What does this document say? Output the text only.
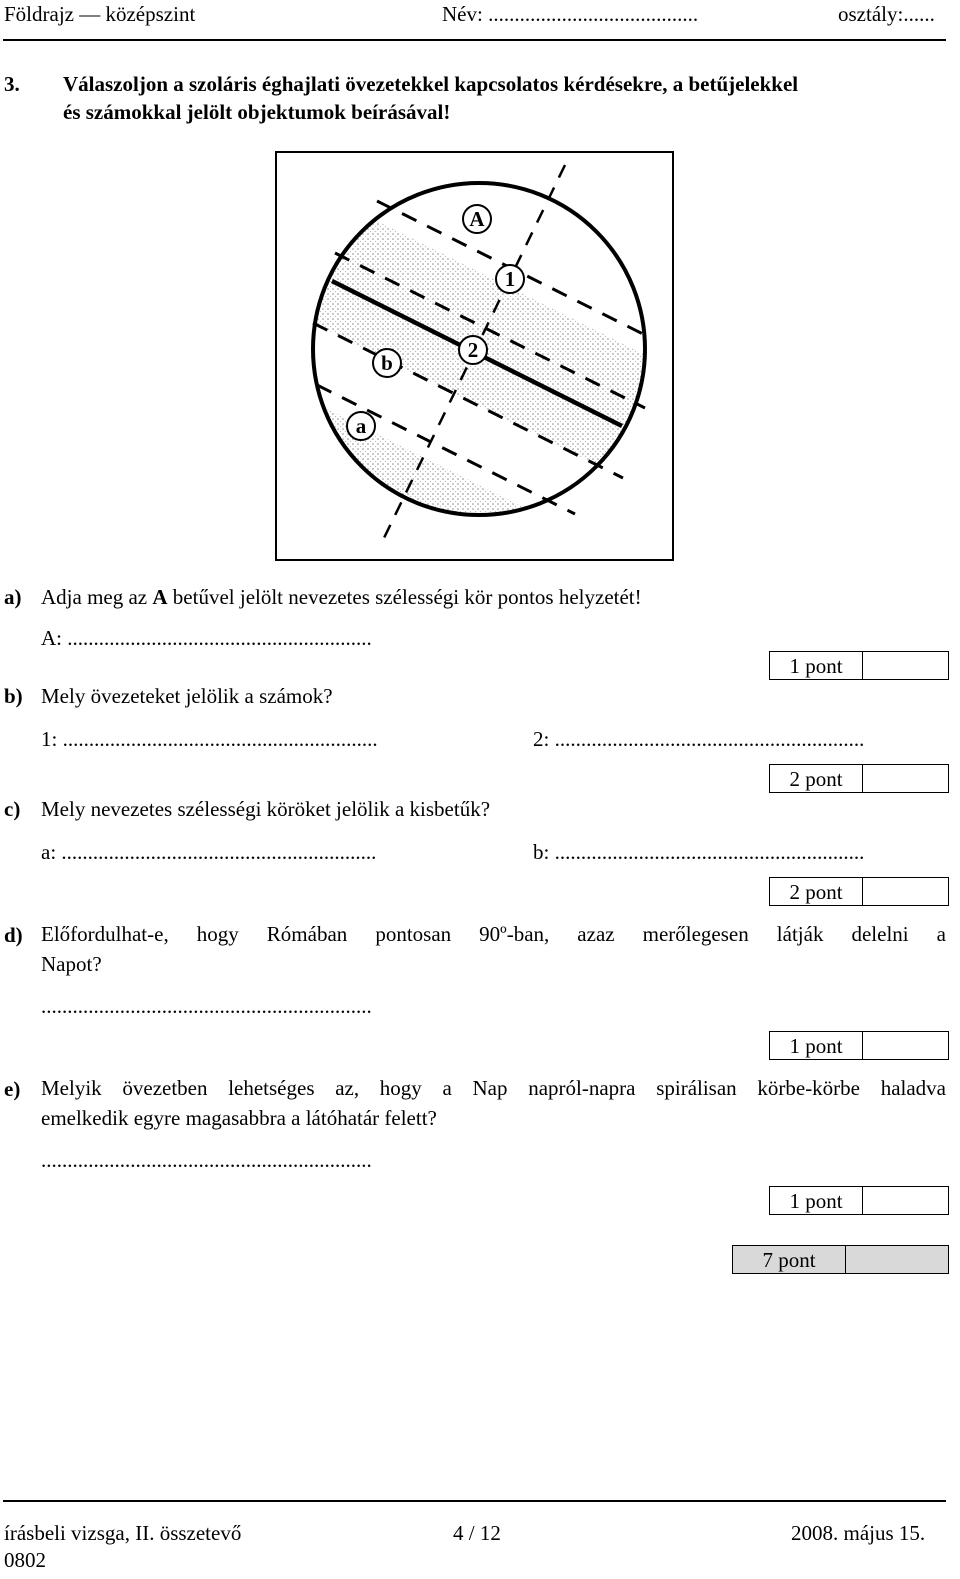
Földrajz — középszint	Név: ........................................	osztály:......
3. Válaszoljon a szoláris éghajlati övezetekkel kapcsolatos kérdésekre, a betűjelekkel
és számokkal jelölt objektumok beírásával!
A
1
2
b
a
a) Adja meg az A betűvel jelölt nevezetes szélességi kör pontos helyzetét!
A: ..........................................................
1 pont
b) Mely övezeteket jelölik a számok?
1: ............................................................	2: ...........................................................
2 pont
c) Mely nevezetes szélességi köröket jelölik a kisbetűk?
a: ............................................................	b: ...........................................................
2 pont
d) Előfordulhat-e, hogy Rómában pontosan 90º-ban, azaz merőlegesen látják delelni a
Napot?
...............................................................
1 pont
e) Melyik övezetben lehetséges az, hogy a Nap napról-napra spirálisan körbe-körbe haladva
emelkedik egyre magasabbra a látóhatár felett?
...............................................................
1 pont
7 pont
írásbeli vizsga, II. összetevő
0802
4 / 12	2008. május 15.
